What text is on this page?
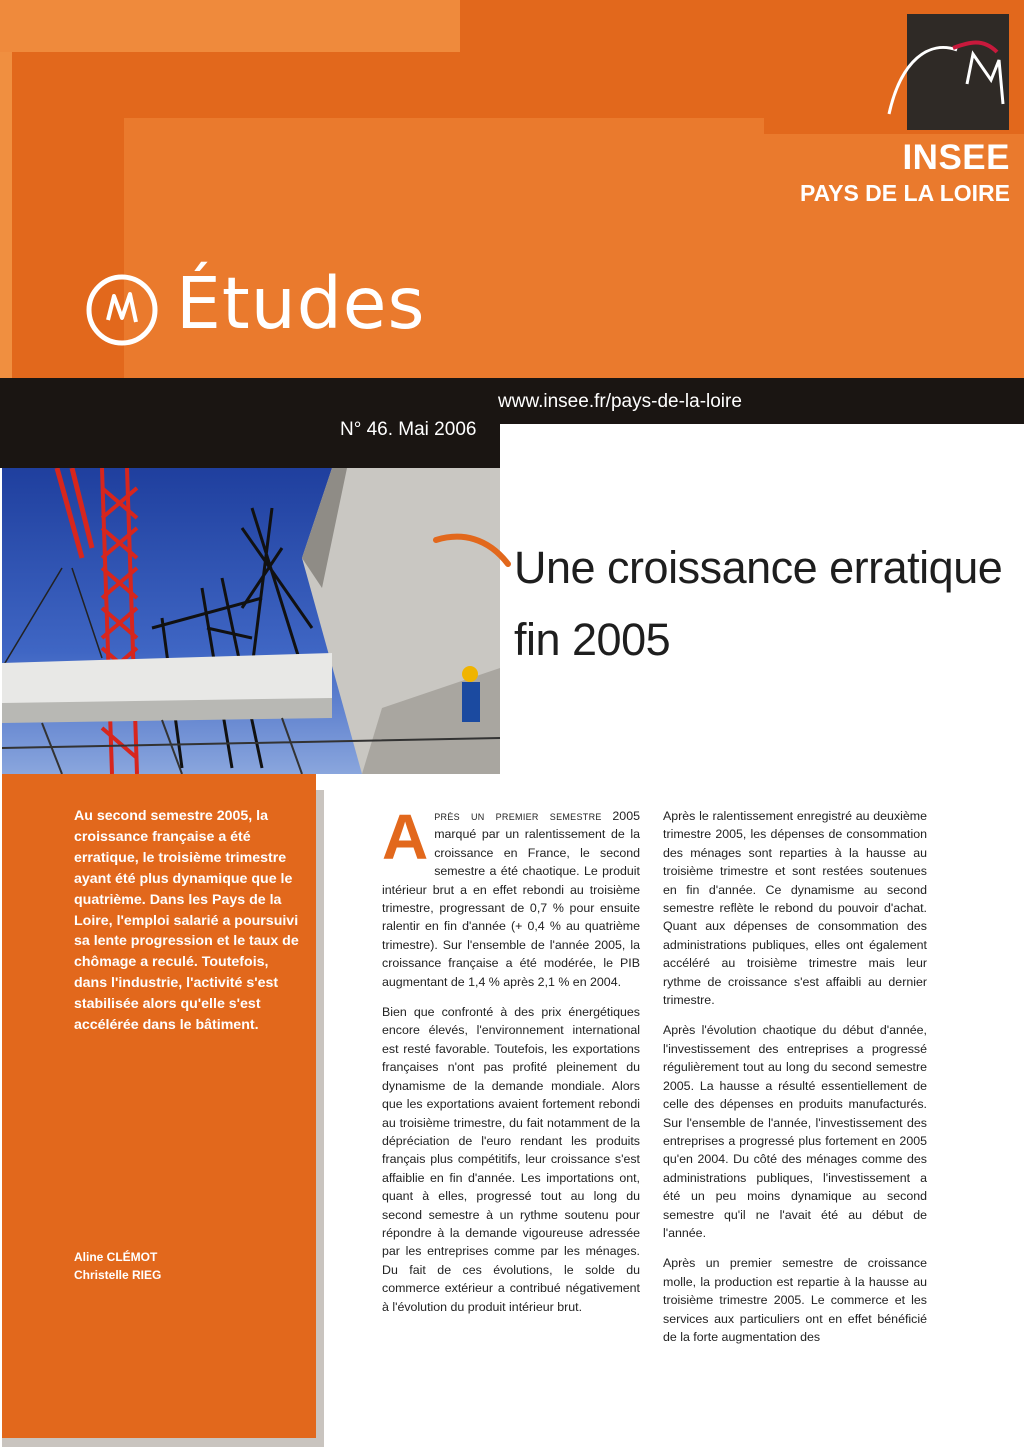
INSEE
PAYS DE LA LOIRE
Études
www.insee.fr/pays-de-la-loire
N° 46. Mai 2006
Une croissance erratique
fin 2005
Au second semestre 2005, la croissance française a été erratique, le troisième trimestre ayant été plus dynamique que le quatrième. Dans les Pays de la Loire, l'emploi salarié a poursuivi sa lente progression et le taux de chômage a reculé. Toutefois, dans l'industrie, l'activité s'est stabilisée alors qu'elle s'est accélérée dans le bâtiment.
Aline CLÉMOT
Christelle RIEG

Après un premier semestre 2005 marqué par un ralentissement de la croissance en France, le second semestre a été chaotique. Le produit intérieur brut a en effet rebondi au troisième trimestre, progressant de 0,7 % pour ensuite ralentir en fin d'année (+ 0,4 % au quatrième trimestre). Sur l'ensemble de l'année 2005, la croissance française a été modérée, le PIB augmentant de 1,4 % après 2,1 % en 2004.

Bien que confronté à des prix énergétiques encore élevés, l'environnement international est resté favorable. Toutefois, les exportations françaises n'ont pas profité pleinement du dynamisme de la demande mondiale. Alors que les exportations avaient fortement rebondi au troisième trimestre, du fait notamment de la dépréciation de l'euro rendant les produits français plus compétitifs, leur croissance s'est affaiblie en fin d'année. Les importations ont, quant à elles, progressé tout au long du second semestre à un rythme soutenu pour répondre à la demande vigoureuse adressée par les entreprises comme par les ménages. Du fait de ces évolutions, le solde du commerce extérieur a contribué négativement à l'évolution du produit intérieur brut.

Après le ralentissement enregistré au deuxième trimestre 2005, les dépenses de consommation des ménages sont reparties à la hausse au troisième trimestre et sont restées soutenues en fin d'année. Ce dynamisme au second semestre reflète le rebond du pouvoir d'achat. Quant aux dépenses de consommation des administrations publiques, elles ont également accéléré au troisième trimestre mais leur rythme de croissance s'est affaibli au dernier trimestre.

Après l'évolution chaotique du début d'année, l'investissement des entreprises a progressé régulièrement tout au long du second semestre 2005. La hausse a résulté essentiellement de celle des dépenses en produits manufacturés. Sur l'ensemble de l'année, l'investissement des entreprises a progressé plus fortement en 2005 qu'en 2004. Du côté des ménages comme des administrations publiques, l'investissement a été un peu moins dynamique au second semestre qu'il ne l'avait été au début de l'année.

Après un premier semestre de croissance molle, la production est repartie à la hausse au troisième trimestre 2005. Le commerce et les services aux particuliers ont en effet bénéficié de la forte augmentation des
